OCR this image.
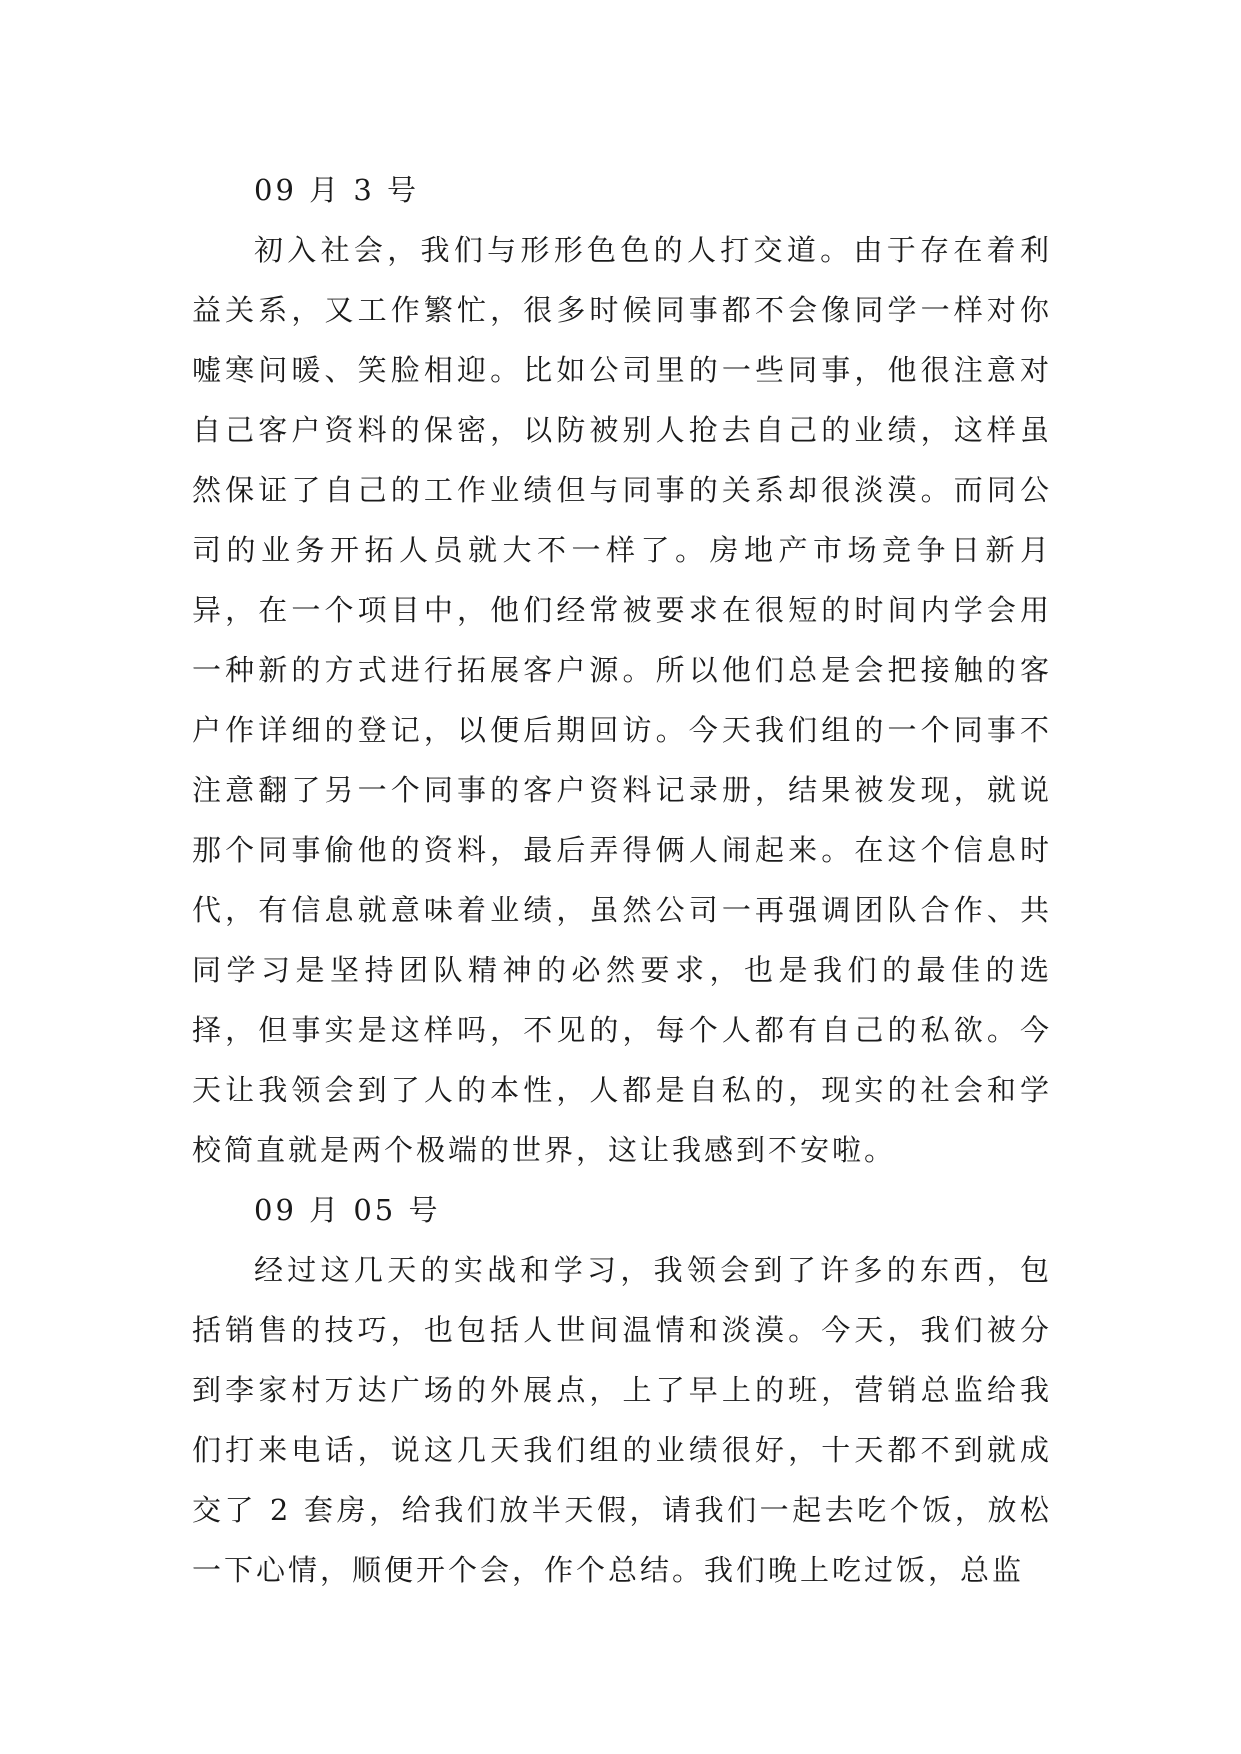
09 月 3 号

初入社会，我们与形形色色的人打交道。由于存在着利益关系，又工作繁忙，很多时候同事都不会像同学一样对你嘘寒问暖、笑脸相迎。比如公司里的一些同事，他很注意对自己客户资料的保密，以防被别人抢去自己的业绩，这样虽然保证了自己的工作业绩但与同事的关系却很淡漠。而同公司的业务开拓人员就大不一样了。房地产市场竞争日新月异，在一个项目中，他们经常被要求在很短的时间内学会用一种新的方式进行拓展客户源。所以他们总是会把接触的客户作详细的登记，以便后期回访。今天我们组的一个同事不注意翻了另一个同事的客户资料记录册，结果被发现，就说那个同事偷他的资料，最后弄得俩人闹起来。在这个信息时代，有信息就意味着业绩，虽然公司一再强调团队合作、共同学习是坚持团队精神的必然要求，也是我们的最佳的选择，但事实是这样吗，不见的，每个人都有自己的私欲。今天让我领会到了人的本性，人都是自私的，现实的社会和学校简直就是两个极端的世界，这让我感到不安啦。

09 月 05 号

经过这几天的实战和学习，我领会到了许多的东西，包括销售的技巧，也包括人世间温情和淡漠。今天，我们被分到李家村万达广场的外展点，上了早上的班，营销总监给我们打来电话，说这几天我们组的业绩很好，十天都不到就成交了 2 套房，给我们放半天假，请我们一起去吃个饭，放松一下心情，顺便开个会，作个总结。我们晚上吃过饭，总监
